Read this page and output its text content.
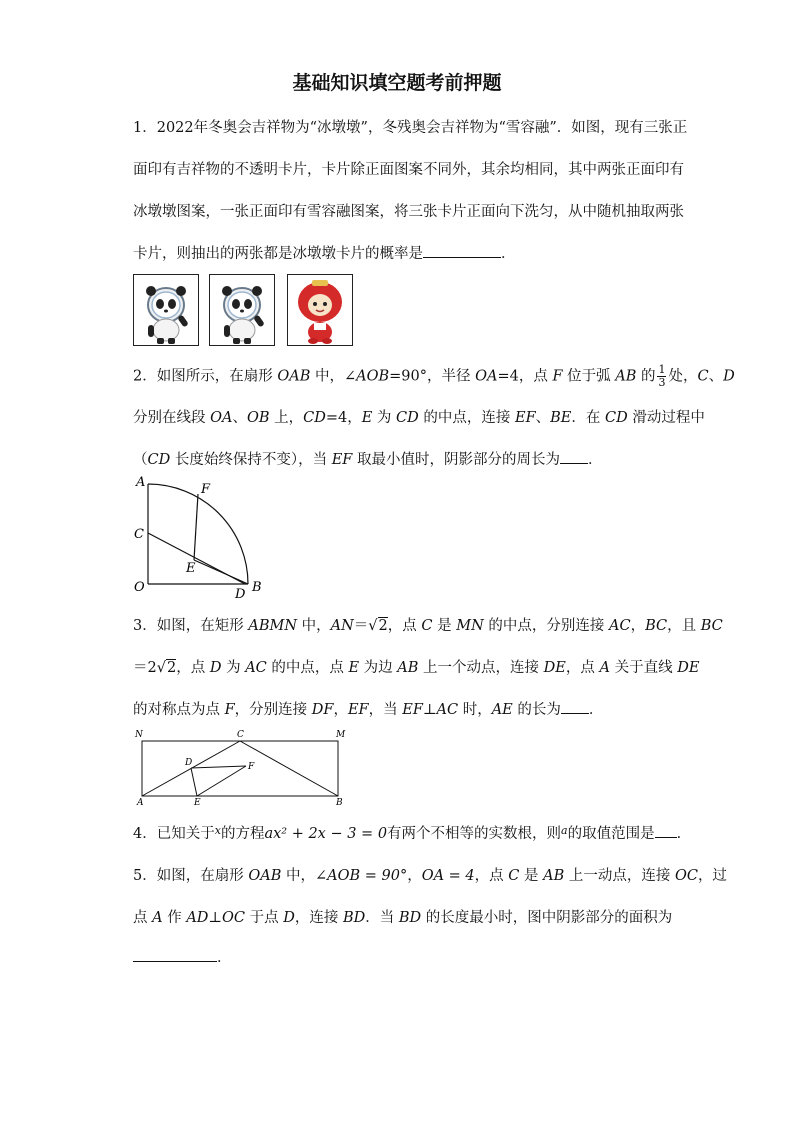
基础知识填空题考前押题
1．2022年冬奥会吉祥物为“冰墩墩”，冬残奥会吉祥物为“雪容融”．如图，现有三张正
面印有吉祥物的不透明卡片，卡片除正面图案不同外，其余均相同，其中两张正面印有
冰墩墩图案，一张正面印有雪容融图案，将三张卡片正面向下洗匀，从中随机抽取两张
卡片，则抽出的两张都是冰墩墩卡片的概率是	．
2．如图所示，在扇形 OAB 中，∠AOB=90°，半径 OA=4，点 F 位于弧 AB 的 $\frac{1}{3}$ 处，C、D
分别在线段 OA、OB 上，CD=4，E 为 CD 的中点，连接 EF、BE．在 CD 滑动过程中
（CD 长度始终保持不变），当 EF 取最小值时，阴影部分的周长为 ．
A	F
C
E
O	D B
3．如图，在矩形 ABMN 中，AN＝√2，点 C 是 MN 的中点，分别连接 AC，BC，且 BC
＝2√2，点 D 为 AC 的中点，点 E 为边 AB 上一个动点，连接 DE，点 A 关于直线 DE
的对称点为点 F，分别连接 DF，EF，当 EF⊥AC 时，AE 的长为 ．
N	C	M
D	F
A	E	B
4．已知关于$^x$的方程ax² + 2x − 3 = 0有两个不相等的实数根，则$^a$的取值范围是 ．
5．如图，在扇形 OAB 中，∠AOB = 90°，OA = 4，点 C 是 AB 上一动点，连接 OC，过
点 A 作 AD⊥OC 于点 D，连接 BD．当 BD 的长度最小时，图中阴影部分的面积为
．
